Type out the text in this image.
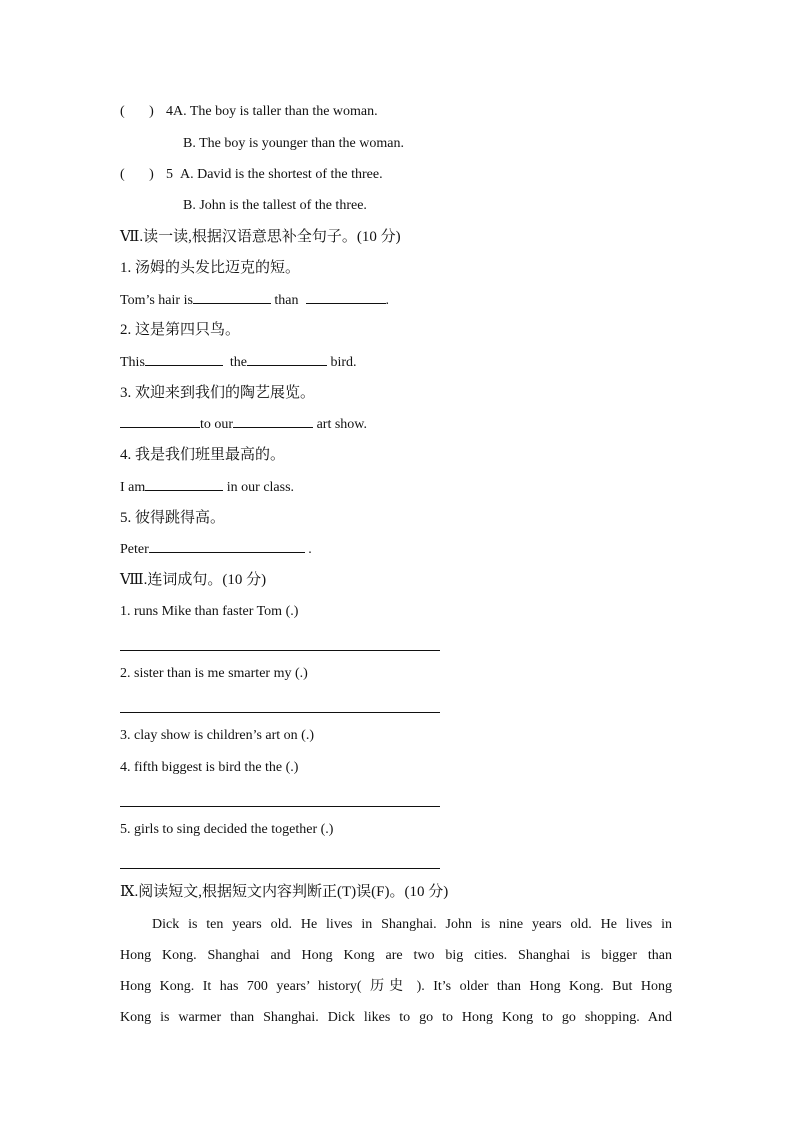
(       ) 4A. The boy is taller than the woman.
B. The boy is younger than the woman.
(       ) 5 A. David is the shortest of the three.
B. John is the tallest of the three.
Ⅶ.读一读,根据汉语意思补全句子。(10 分)
1. 汤姆的头发比迈克的短。
Tom’s hair is	than	.
2. 这是第四只鸟。
This	the	bird.
3. 欢迎来到我们的陶艺展览。
to our	art show.
4. 我是我们班里最高的。
I am	in our class.
5. 彼得跳得高。
Peter	.
Ⅷ.连词成句。(10 分)
1. runs Mike than faster Tom (.)
2. sister than is me smarter my (.)
3. clay show is children’s art on (.)
4. fifth biggest is bird the the (.)
5. girls to sing decided the together (.)
Ⅸ.阅读短文,根据短文内容判断正(T)误(F)。(10 分)
Dick is ten years old. He lives in Shanghai. John is nine years old. He lives in
Hong Kong. Shanghai and Hong Kong are two big cities. Shanghai is bigger than
Hong Kong. It has 700 years’ history( 历史 ). It’s older than Hong Kong. But Hong
Kong is warmer than Shanghai. Dick likes to go to Hong Kong to go shopping. And
